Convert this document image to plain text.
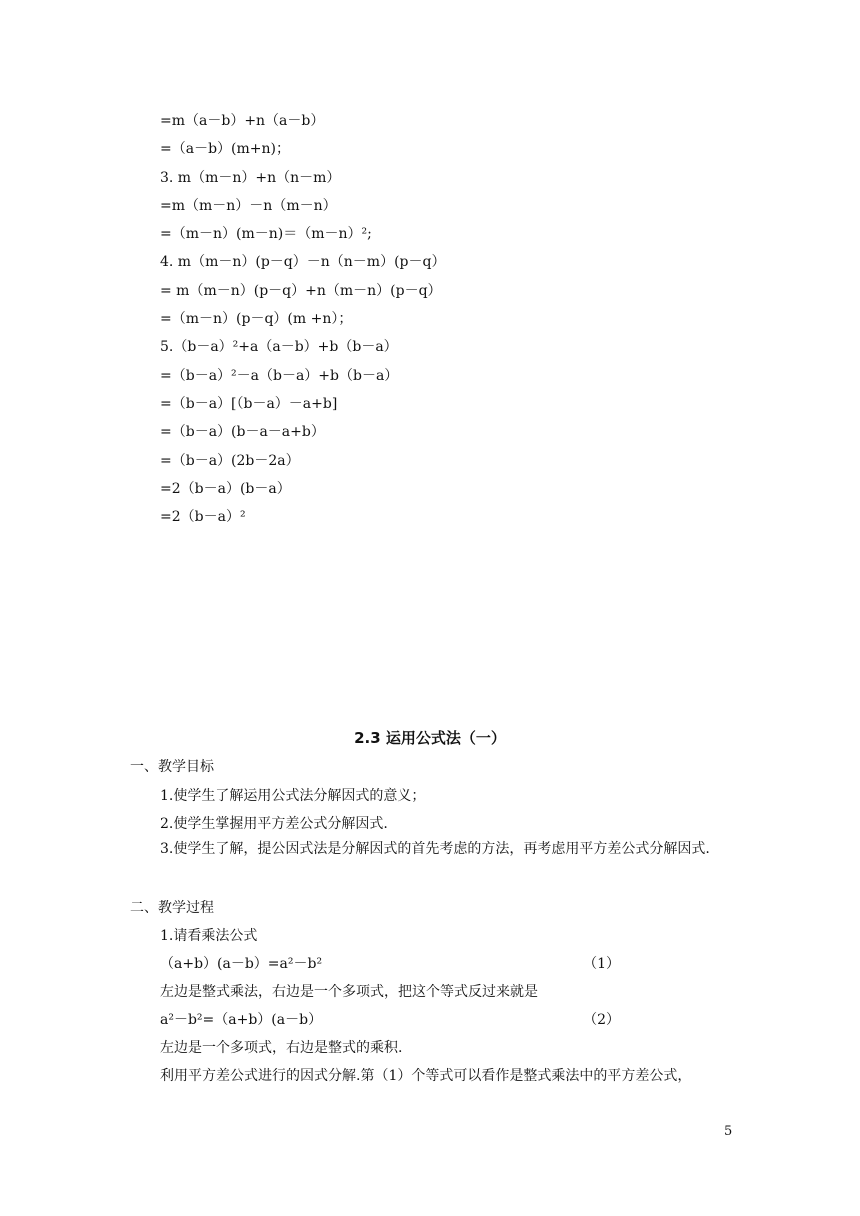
=m（a－b）+n（a－b）
=（a－b）(m+n)；
3. m（m－n）+n（n－m）
=m（m－n）－n（m－n）
=（m－n）(m－n)＝（m－n）²;
4. m（m－n）(p－q）－n（n－m）(p－q）
= m（m－n）(p－q）+n（m－n）(p－q）
=（m－n）(p－q）(m +n）；
5.（b－a）²+a（a－b）+b（b－a）
=（b－a）²－a（b－a）+b（b－a）
=（b－a）[（b－a）－a+b]
=（b－a）(b－a－a+b）
=（b－a）(2b－2a）
=2（b－a）(b－a）
=2（b－a）²
2.3 运用公式法（一）
一、教学目标
1.使学生了解运用公式法分解因式的意义；
2.使学生掌握用平方差公式分解因式.
3.使学生了解，提公因式法是分解因式的首先考虑的方法，再考虑用平方差公式分解因式.
二、教学过程
1.请看乘法公式
（a+b）(a－b）=a²－b²	（1）
左边是整式乘法，右边是一个多项式，把这个等式反过来就是
a²－b²=（a+b）(a－b）	（2）
左边是一个多项式，右边是整式的乘积.
利用平方差公式进行的因式分解.第（1）个等式可以看作是整式乘法中的平方差公式，
5
